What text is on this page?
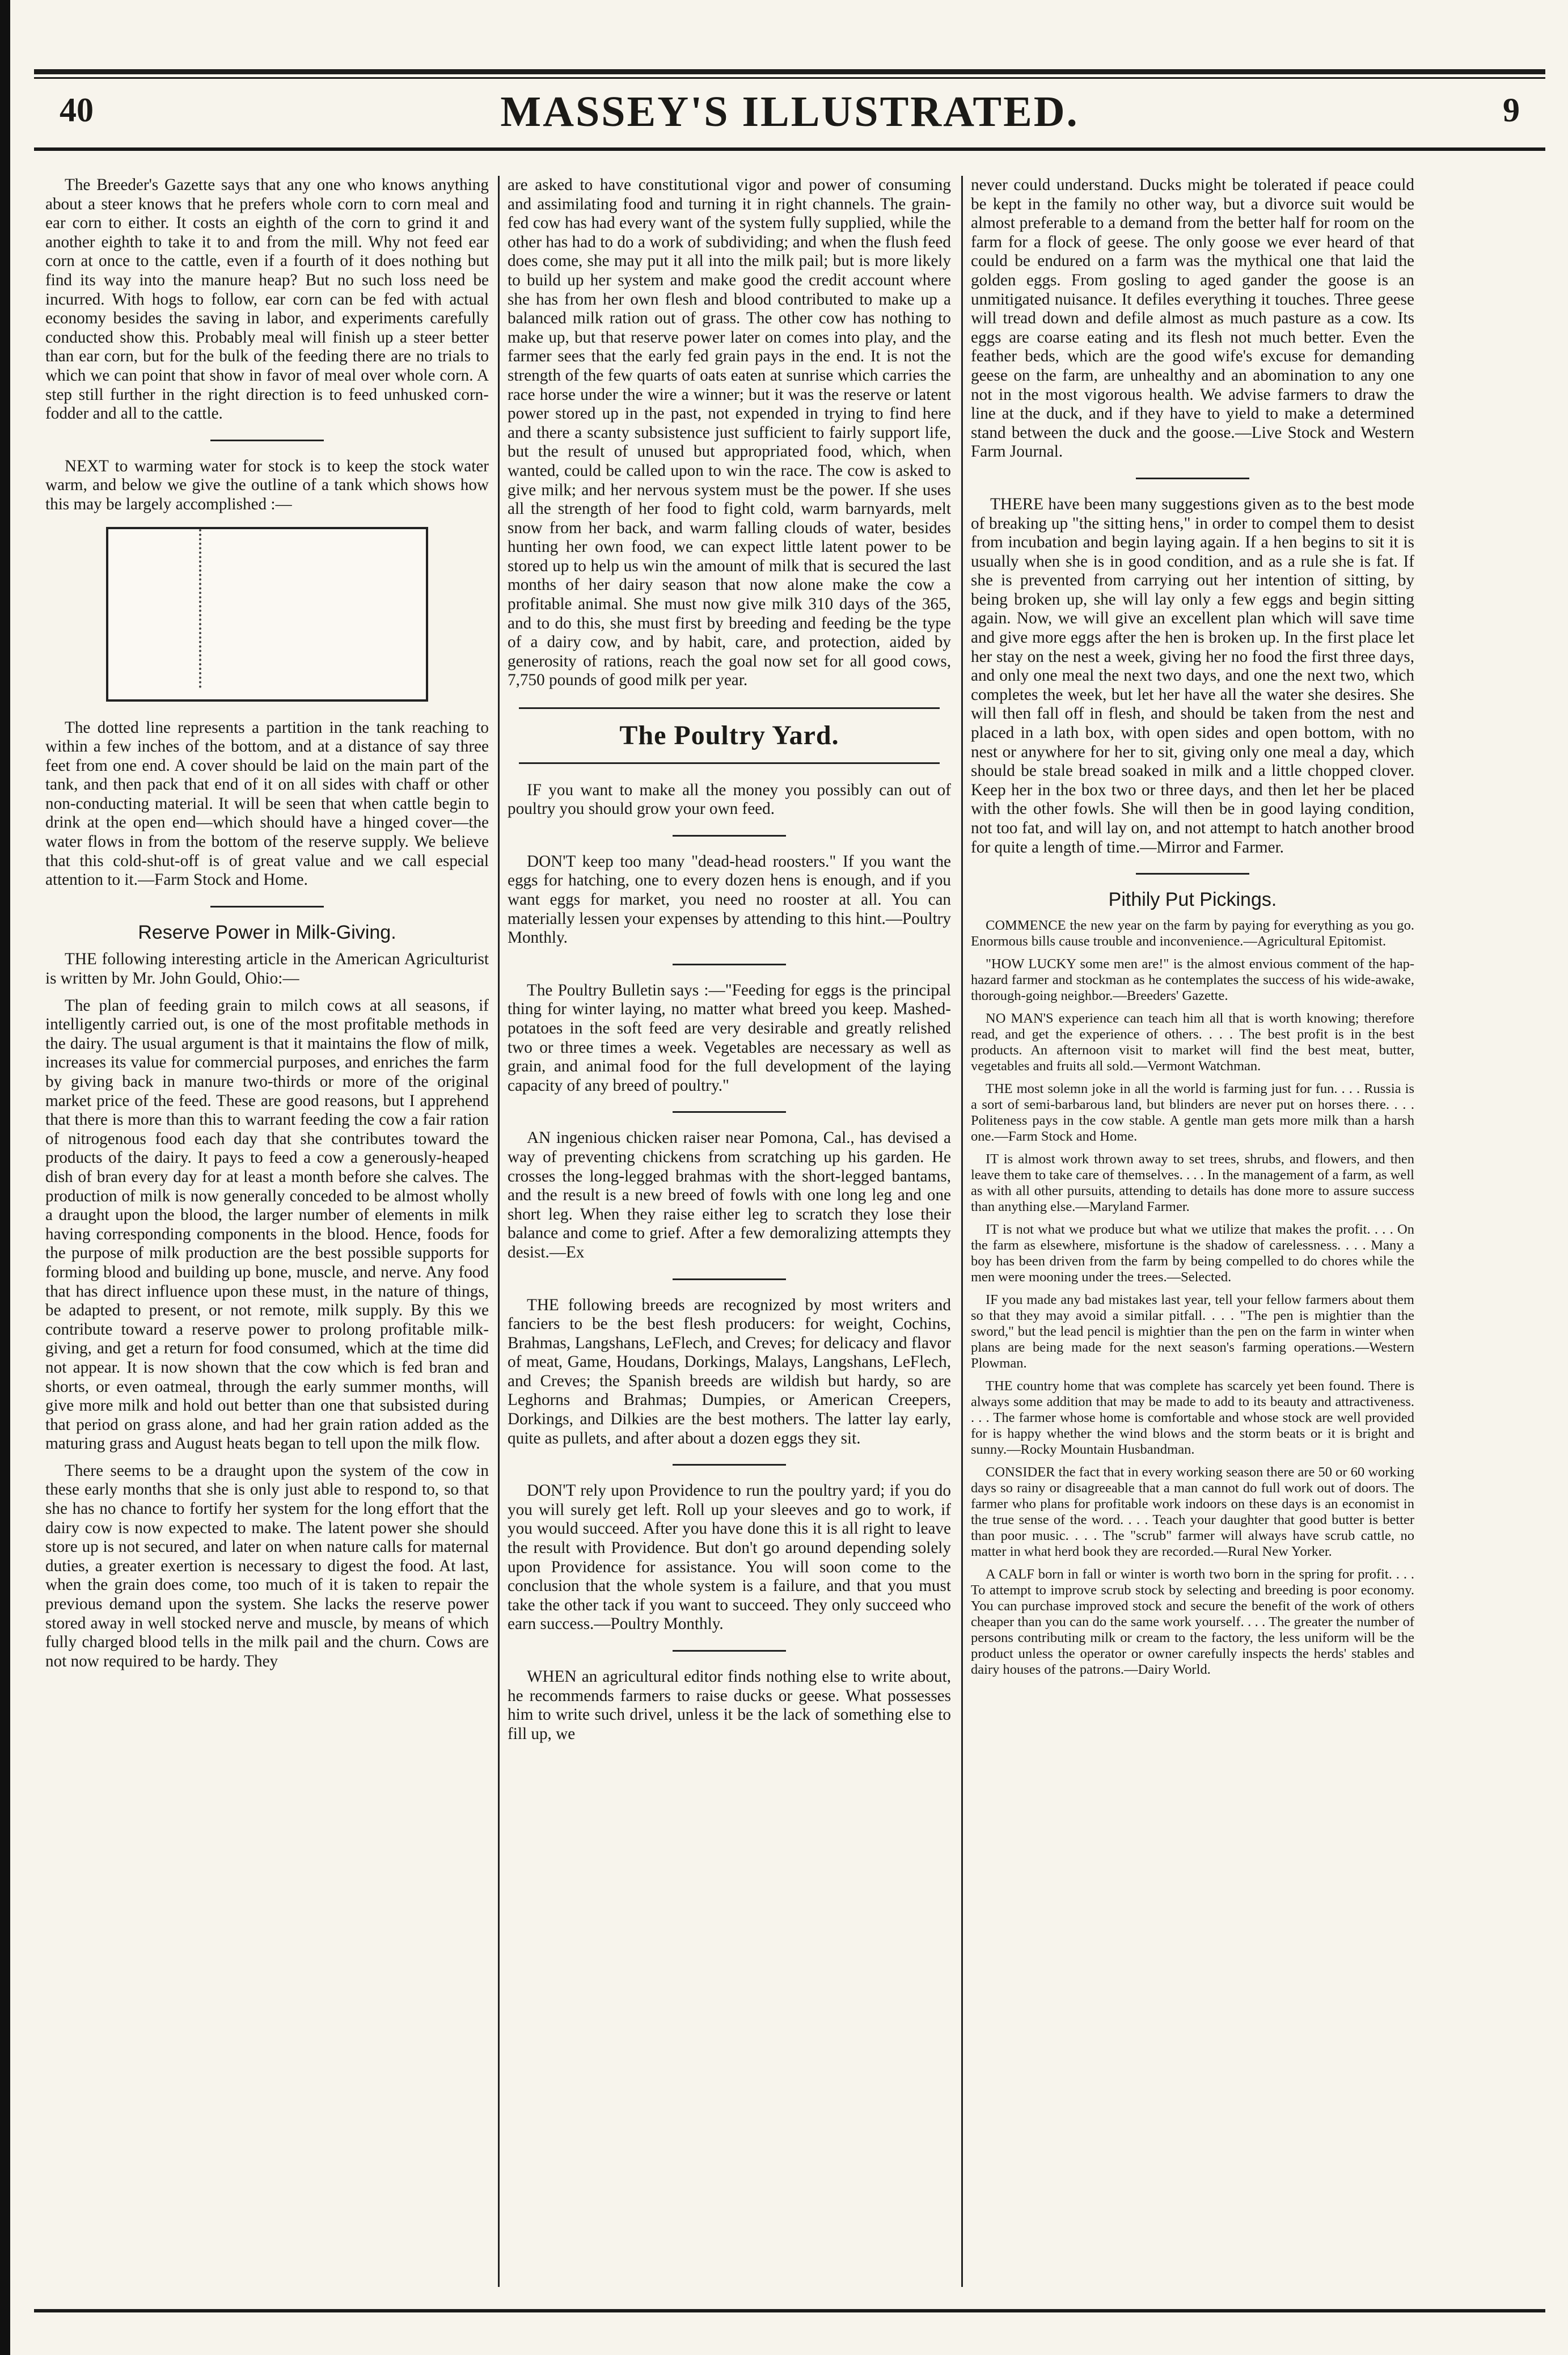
40	MASSEY'S ILLUSTRATED.	9

The Breeder's Gazette says that any one who knows anything about a steer knows that he prefers whole corn to corn meal and ear corn to either. It costs an eighth of the corn to grind it and another eighth to take it to and from the mill. Why not feed ear corn at once to the cattle, even if a fourth of it does nothing but find its way into the manure heap? But no such loss need be incurred. With hogs to follow, ear corn can be fed with actual economy besides the saving in labor, and experiments carefully conducted show this. Probably meal will finish up a steer better than ear corn, but for the bulk of the feeding there are no trials to which we can point that show in favor of meal over whole corn. A step still further in the right direction is to feed unhusked corn-fodder and all to the cattle.

NEXT to warming water for stock is to keep the stock water warm, and below we give the outline of a tank which shows how this may be largely accomplished :—

The dotted line represents a partition in the tank reaching to within a few inches of the bottom, and at a distance of say three feet from one end. A cover should be laid on the main part of the tank, and then pack that end of it on all sides with chaff or other non-conducting material. It will be seen that when cattle begin to drink at the open end—which should have a hinged cover—the water flows in from the bottom of the reserve supply. We believe that this cold-shut-off is of great value and we call especial attention to it.—Farm Stock and Home.

Reserve Power in Milk-Giving.

THE following interesting article in the American Agriculturist is written by Mr. John Gould, Ohio:—

The plan of feeding grain to milch cows at all seasons, if intelligently carried out, is one of the most profitable methods in the dairy. The usual argument is that it maintains the flow of milk, increases its value for commercial purposes, and enriches the farm by giving back in manure two-thirds or more of the original market price of the feed. These are good reasons, but I apprehend that there is more than this to warrant feeding the cow a fair ration of nitrogenous food each day that she contributes toward the products of the dairy. It pays to feed a cow a generously-heaped dish of bran every day for at least a month before she calves. The production of milk is now generally conceded to be almost wholly a draught upon the blood, the larger number of elements in milk having corresponding components in the blood. Hence, foods for the purpose of milk production are the best possible supports for forming blood and building up bone, muscle, and nerve. Any food that has direct influence upon these must, in the nature of things, be adapted to present, or not remote, milk supply. By this we contribute toward a reserve power to prolong profitable milk-giving, and get a return for food consumed, which at the time did not appear. It is now shown that the cow which is fed bran and shorts, or even oatmeal, through the early summer months, will give more milk and hold out better than one that subsisted during that period on grass alone, and had her grain ration added as the maturing grass and August heats began to tell upon the milk flow.

There seems to be a draught upon the system of the cow in these early months that she is only just able to respond to, so that she has no chance to fortify her system for the long effort that the dairy cow is now expected to make. The latent power she should store up is not secured, and later on when nature calls for maternal duties, a greater exertion is necessary to digest the food. At last, when the grain does come, too much of it is taken to repair the previous demand upon the system. She lacks the reserve power stored away in well stocked nerve and muscle, by means of which fully charged blood tells in the milk pail and the churn. Cows are not now required to be hardy. They

are asked to have constitutional vigor and power of consuming and assimilating food and turning it in right channels. The grain-fed cow has had every want of the system fully supplied, while the other has had to do a work of subdividing; and when the flush feed does come, she may put it all into the milk pail; but is more likely to build up her system and make good the credit account where she has from her own flesh and blood contributed to make up a balanced milk ration out of grass. The other cow has nothing to make up, but that reserve power later on comes into play, and the farmer sees that the early fed grain pays in the end. It is not the strength of the few quarts of oats eaten at sunrise which carries the race horse under the wire a winner; but it was the reserve or latent power stored up in the past, not expended in trying to find here and there a scanty subsistence just sufficient to fairly support life, but the result of unused but appropriated food, which, when wanted, could be called upon to win the race. The cow is asked to give milk; and her nervous system must be the power. If she uses all the strength of her food to fight cold, warm barnyards, melt snow from her back, and warm falling clouds of water, besides hunting her own food, we can expect little latent power to be stored up to help us win the amount of milk that is secured the last months of her dairy season that now alone make the cow a profitable animal. She must now give milk 310 days of the 365, and to do this, she must first by breeding and feeding be the type of a dairy cow, and by habit, care, and protection, aided by generosity of rations, reach the goal now set for all good cows, 7,750 pounds of good milk per year.

The Poultry Yard.

IF you want to make all the money you possibly can out of poultry you should grow your own feed.

DON'T keep too many "dead-head roosters." If you want the eggs for hatching, one to every dozen hens is enough, and if you want eggs for market, you need no rooster at all. You can materially lessen your expenses by attending to this hint.—Poultry Monthly.

The Poultry Bulletin says :—"Feeding for eggs is the principal thing for winter laying, no matter what breed you keep. Mashed-potatoes in the soft feed are very desirable and greatly relished two or three times a week. Vegetables are necessary as well as grain, and animal food for the full development of the laying capacity of any breed of poultry."

AN ingenious chicken raiser near Pomona, Cal., has devised a way of preventing chickens from scratching up his garden. He crosses the long-legged brahmas with the short-legged bantams, and the result is a new breed of fowls with one long leg and one short leg. When they raise either leg to scratch they lose their balance and come to grief. After a few demoralizing attempts they desist.—Ex

THE following breeds are recognized by most writers and fanciers to be the best flesh producers: for weight, Cochins, Brahmas, Langshans, LeFlech, and Creves; for delicacy and flavor of meat, Game, Houdans, Dorkings, Malays, Langshans, LeFlech, and Creves; the Spanish breeds are wildish but hardy, so are Leghorns and Brahmas; Dumpies, or American Creepers, Dorkings, and Dilkies are the best mothers. The latter lay early, quite as pullets, and after about a dozen eggs they sit.

DON'T rely upon Providence to run the poultry yard; if you do you will surely get left. Roll up your sleeves and go to work, if you would succeed. After you have done this it is all right to leave the result with Providence. But don't go around depending solely upon Providence for assistance. You will soon come to the conclusion that the whole system is a failure, and that you must take the other tack if you want to succeed. They only succeed who earn success.—Poultry Monthly.

WHEN an agricultural editor finds nothing else to write about, he recommends farmers to raise ducks or geese. What possesses him to write such drivel, unless it be the lack of something else to fill up, we

never could understand. Ducks might be tolerated if peace could be kept in the family no other way, but a divorce suit would be almost preferable to a demand from the better half for room on the farm for a flock of geese. The only goose we ever heard of that could be endured on a farm was the mythical one that laid the golden eggs. From gosling to aged gander the goose is an unmitigated nuisance. It defiles everything it touches. Three geese will tread down and defile almost as much pasture as a cow. Its eggs are coarse eating and its flesh not much better. Even the feather beds, which are the good wife's excuse for demanding geese on the farm, are unhealthy and an abomination to any one not in the most vigorous health. We advise farmers to draw the line at the duck, and if they have to yield to make a determined stand between the duck and the goose.—Live Stock and Western Farm Journal.

THERE have been many suggestions given as to the best mode of breaking up "the sitting hens," in order to compel them to desist from incubation and begin laying again. If a hen begins to sit it is usually when she is in good condition, and as a rule she is fat. If she is prevented from carrying out her intention of sitting, by being broken up, she will lay only a few eggs and begin sitting again. Now, we will give an excellent plan which will save time and give more eggs after the hen is broken up. In the first place let her stay on the nest a week, giving her no food the first three days, and only one meal the next two days, and one the next two, which completes the week, but let her have all the water she desires. She will then fall off in flesh, and should be taken from the nest and placed in a lath box, with open sides and open bottom, with no nest or anywhere for her to sit, giving only one meal a day, which should be stale bread soaked in milk and a little chopped clover. Keep her in the box two or three days, and then let her be placed with the other fowls. She will then be in good laying condition, not too fat, and will lay on, and not attempt to hatch another brood for quite a length of time.—Mirror and Farmer.

Pithily Put Pickings.

COMMENCE the new year on the farm by paying for everything as you go. Enormous bills cause trouble and inconvenience.—Agricultural Epitomist.

"HOW LUCKY some men are!" is the almost envious comment of the hap-hazard farmer and stockman as he contemplates the success of his wide-awake, thorough-going neighbor.—Breeders' Gazette.

NO MAN'S experience can teach him all that is worth knowing; therefore read, and get the experience of others. . . . The best profit is in the best products. An afternoon visit to market will find the best meat, butter, vegetables and fruits all sold.—Vermont Watchman.

THE most solemn joke in all the world is farming just for fun. . . . Russia is a sort of semi-barbarous land, but blinders are never put on horses there. . . . Politeness pays in the cow stable. A gentle man gets more milk than a harsh one.—Farm Stock and Home.

IT is almost work thrown away to set trees, shrubs, and flowers, and then leave them to take care of themselves. . . . In the management of a farm, as well as with all other pursuits, attending to details has done more to assure success than anything else.—Maryland Farmer.

IT is not what we produce but what we utilize that makes the profit. . . . On the farm as elsewhere, misfortune is the shadow of carelessness. . . . Many a boy has been driven from the farm by being compelled to do chores while the men were mooning under the trees.—Selected.

IF you made any bad mistakes last year, tell your fellow farmers about them so that they may avoid a similar pitfall. . . . "The pen is mightier than the sword," but the lead pencil is mightier than the pen on the farm in winter when plans are being made for the next season's farming operations.—Western Plowman.

THE country home that was complete has scarcely yet been found. There is always some addition that may be made to add to its beauty and attractiveness. . . . The farmer whose home is comfortable and whose stock are well provided for is happy whether the wind blows and the storm beats or it is bright and sunny.—Rocky Mountain Husbandman.

CONSIDER the fact that in every working season there are 50 or 60 working days so rainy or disagreeable that a man cannot do full work out of doors. The farmer who plans for profitable work indoors on these days is an economist in the true sense of the word. . . . Teach your daughter that good butter is better than poor music. . . . The "scrub" farmer will always have scrub cattle, no matter in what herd book they are recorded.—Rural New Yorker.

A CALF born in fall or winter is worth two born in the spring for profit. . . . To attempt to improve scrub stock by selecting and breeding is poor economy. You can purchase improved stock and secure the benefit of the work of others cheaper than you can do the same work yourself. . . . The greater the number of persons contributing milk or cream to the factory, the less uniform will be the product unless the operator or owner carefully inspects the herds' stables and dairy houses of the patrons.—Dairy World.
